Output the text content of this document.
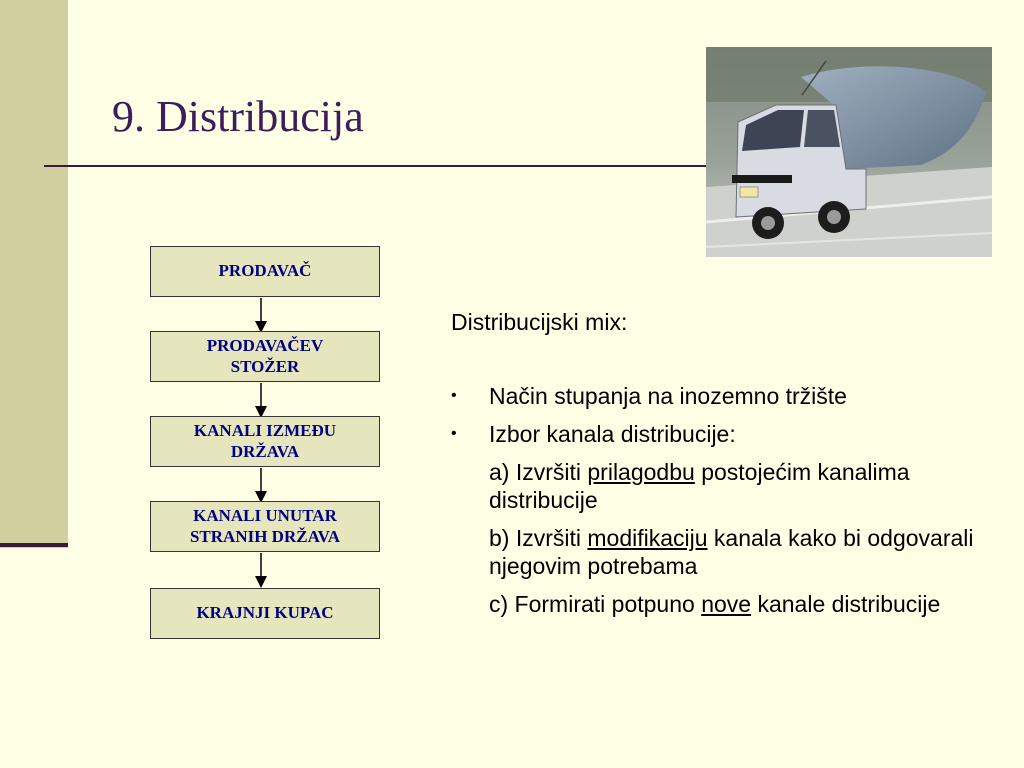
9. Distribucija
PRODAVAČ
PRODAVAČEV
STOŽER
KANALI IZMEĐU
DRŽAVA
KANALI UNUTAR
STRANIH DRŽAVA
KRAJNJI KUPAC

Distribucijski mix:

• Način stupanja na inozemno tržište
• Izbor kanala distribucije:
a) Izvršiti prilagodbu postojećim kanalima distribucije
b) Izvršiti modifikaciju kanala kako bi odgovarali njegovim potrebama
c) Formirati potpuno nove kanale distribucije
